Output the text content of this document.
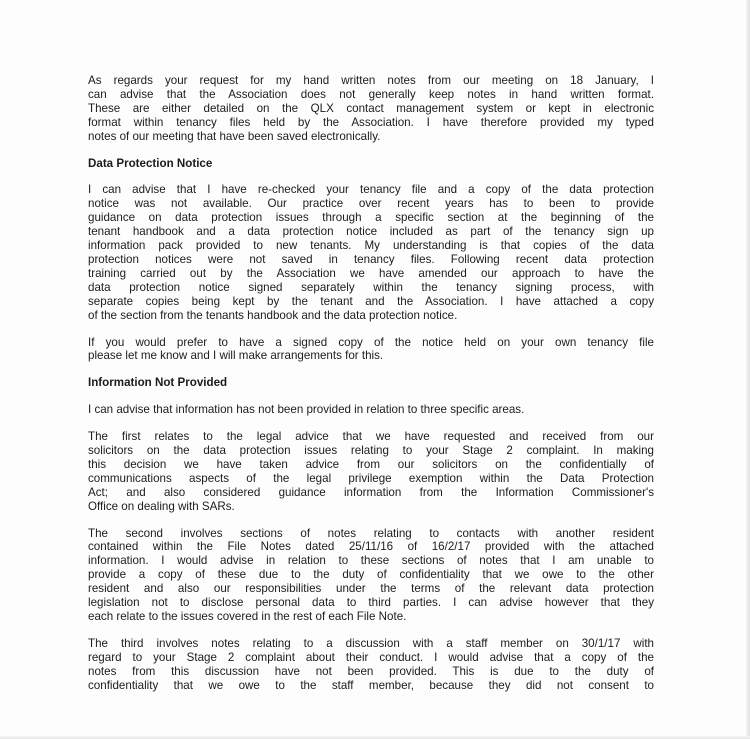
As regards your request for my hand written notes from our meeting on 18 January, I
can advise that the Association does not generally keep notes in hand written format.
These are either detailed on the QLX contact management system or kept in electronic
format within tenancy files held by the Association. I have therefore provided my typed
notes of our meeting that have been saved electronically.
Data Protection Notice
I can advise that I have re-checked your tenancy file and a copy of the data protection
notice was not available. Our practice over recent years has to been to provide
guidance on data protection issues through a specific section at the beginning of the
tenant handbook and a data protection notice included as part of the tenancy sign up
information pack provided to new tenants. My understanding is that copies of the data
protection notices were not saved in tenancy files. Following recent data protection
training carried out by the Association we have amended our approach to have the
data protection notice signed separately within the tenancy signing process, with
separate copies being kept by the tenant and the Association. I have attached a copy
of the section from the tenants handbook and the data protection notice.
If you would prefer to have a signed copy of the notice held on your own tenancy file
please let me know and I will make arrangements for this.
Information Not Provided
I can advise that information has not been provided in relation to three specific areas.
The first relates to the legal advice that we have requested and received from our
solicitors on the data protection issues relating to your Stage 2 complaint. In making
this decision we have taken advice from our solicitors on the confidentially of
communications aspects of the legal privilege exemption within the Data Protection
Act; and also considered guidance information from the Information Commissioner's
Office on dealing with SARs.
The second involves sections of notes relating to contacts with another resident
contained within the File Notes dated 25/11/16 of 16/2/17 provided with the attached
information. I would advise in relation to these sections of notes that I am unable to
provide a copy of these due to the duty of confidentiality that we owe to the other
resident and also our responsibilities under the terms of the relevant data protection
legislation not to disclose personal data to third parties. I can advise however that they
each relate to the issues covered in the rest of each File Note.
The third involves notes relating to a discussion with a staff member on 30/1/17 with
regard to your Stage 2 complaint about their conduct. I would advise that a copy of the
notes from this discussion have not been provided. This is due to the duty of
confidentiality that we owe to the staff member, because they did not consent to
